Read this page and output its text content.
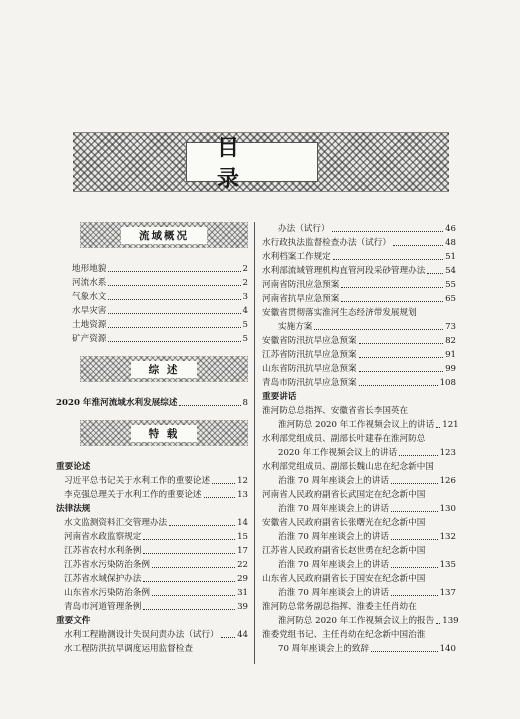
目 录
流域概况
地形地貌	2
河流水系	2
气象水文	3
水旱灾害	4
土地资源	5
矿产资源	5
综 述
2020 年淮河流域水利发展综述	8
特 载
重要论述
习近平总书记关于水利工作的重要论述	12
李克强总理关于水利工作的重要论述	13
法律法规
水文监测资料汇交管理办法	14
河南省水政监察规定	15
江苏省农村水利条例	17
江苏省水污染防治条例	22
江苏省水域保护办法	29
山东省水污染防治条例	31
青岛市河道管理条例	39
重要文件
水利工程勘测设计失误问责办法（试行） 44
水工程防洪抗旱调度运用监督检查
办法（试行）	46
水行政执法监督检查办法（试行）	48
水利档案工作规定	51
水利部流域管理机构直管河段采砂管理办法 54
河南省防汛应急预案	55
河南省抗旱应急预案	65
安徽省贯彻落实淮河生态经济带发展规划
实施方案	73
安徽省防汛抗旱应急预案	82
江苏省防汛抗旱应急预案	91
山东省防汛抗旱应急预案	99
青岛市防汛抗旱应急预案	108
重要讲话
淮河防总总指挥、安徽省省长李国英在
淮河防总 2020 年工作视频会议上的讲话 121
水利部党组成员、副部长叶建春在淮河防总
2020 年工作视频会议上的讲话	123
水利部党组成员、副部长魏山忠在纪念新中国
治淮 70 周年座谈会上的讲话	126
河南省人民政府副省长武国定在纪念新中国
治淮 70 周年座谈会上的讲话	130
安徽省人民政府副省长张曙光在纪念新中国
治淮 70 周年座谈会上的讲话	132
江苏省人民政府副省长赵世勇在纪念新中国
治淮 70 周年座谈会上的讲话	135
山东省人民政府副省长于国安在纪念新中国
治淮 70 周年座谈会上的讲话	137
淮河防总常务副总指挥、淮委主任肖幼在
淮河防总 2020 年工作视频会议上的报告 139
淮委党组书记、主任肖幼在纪念新中国治淮
70 周年座谈会上的致辞	140
